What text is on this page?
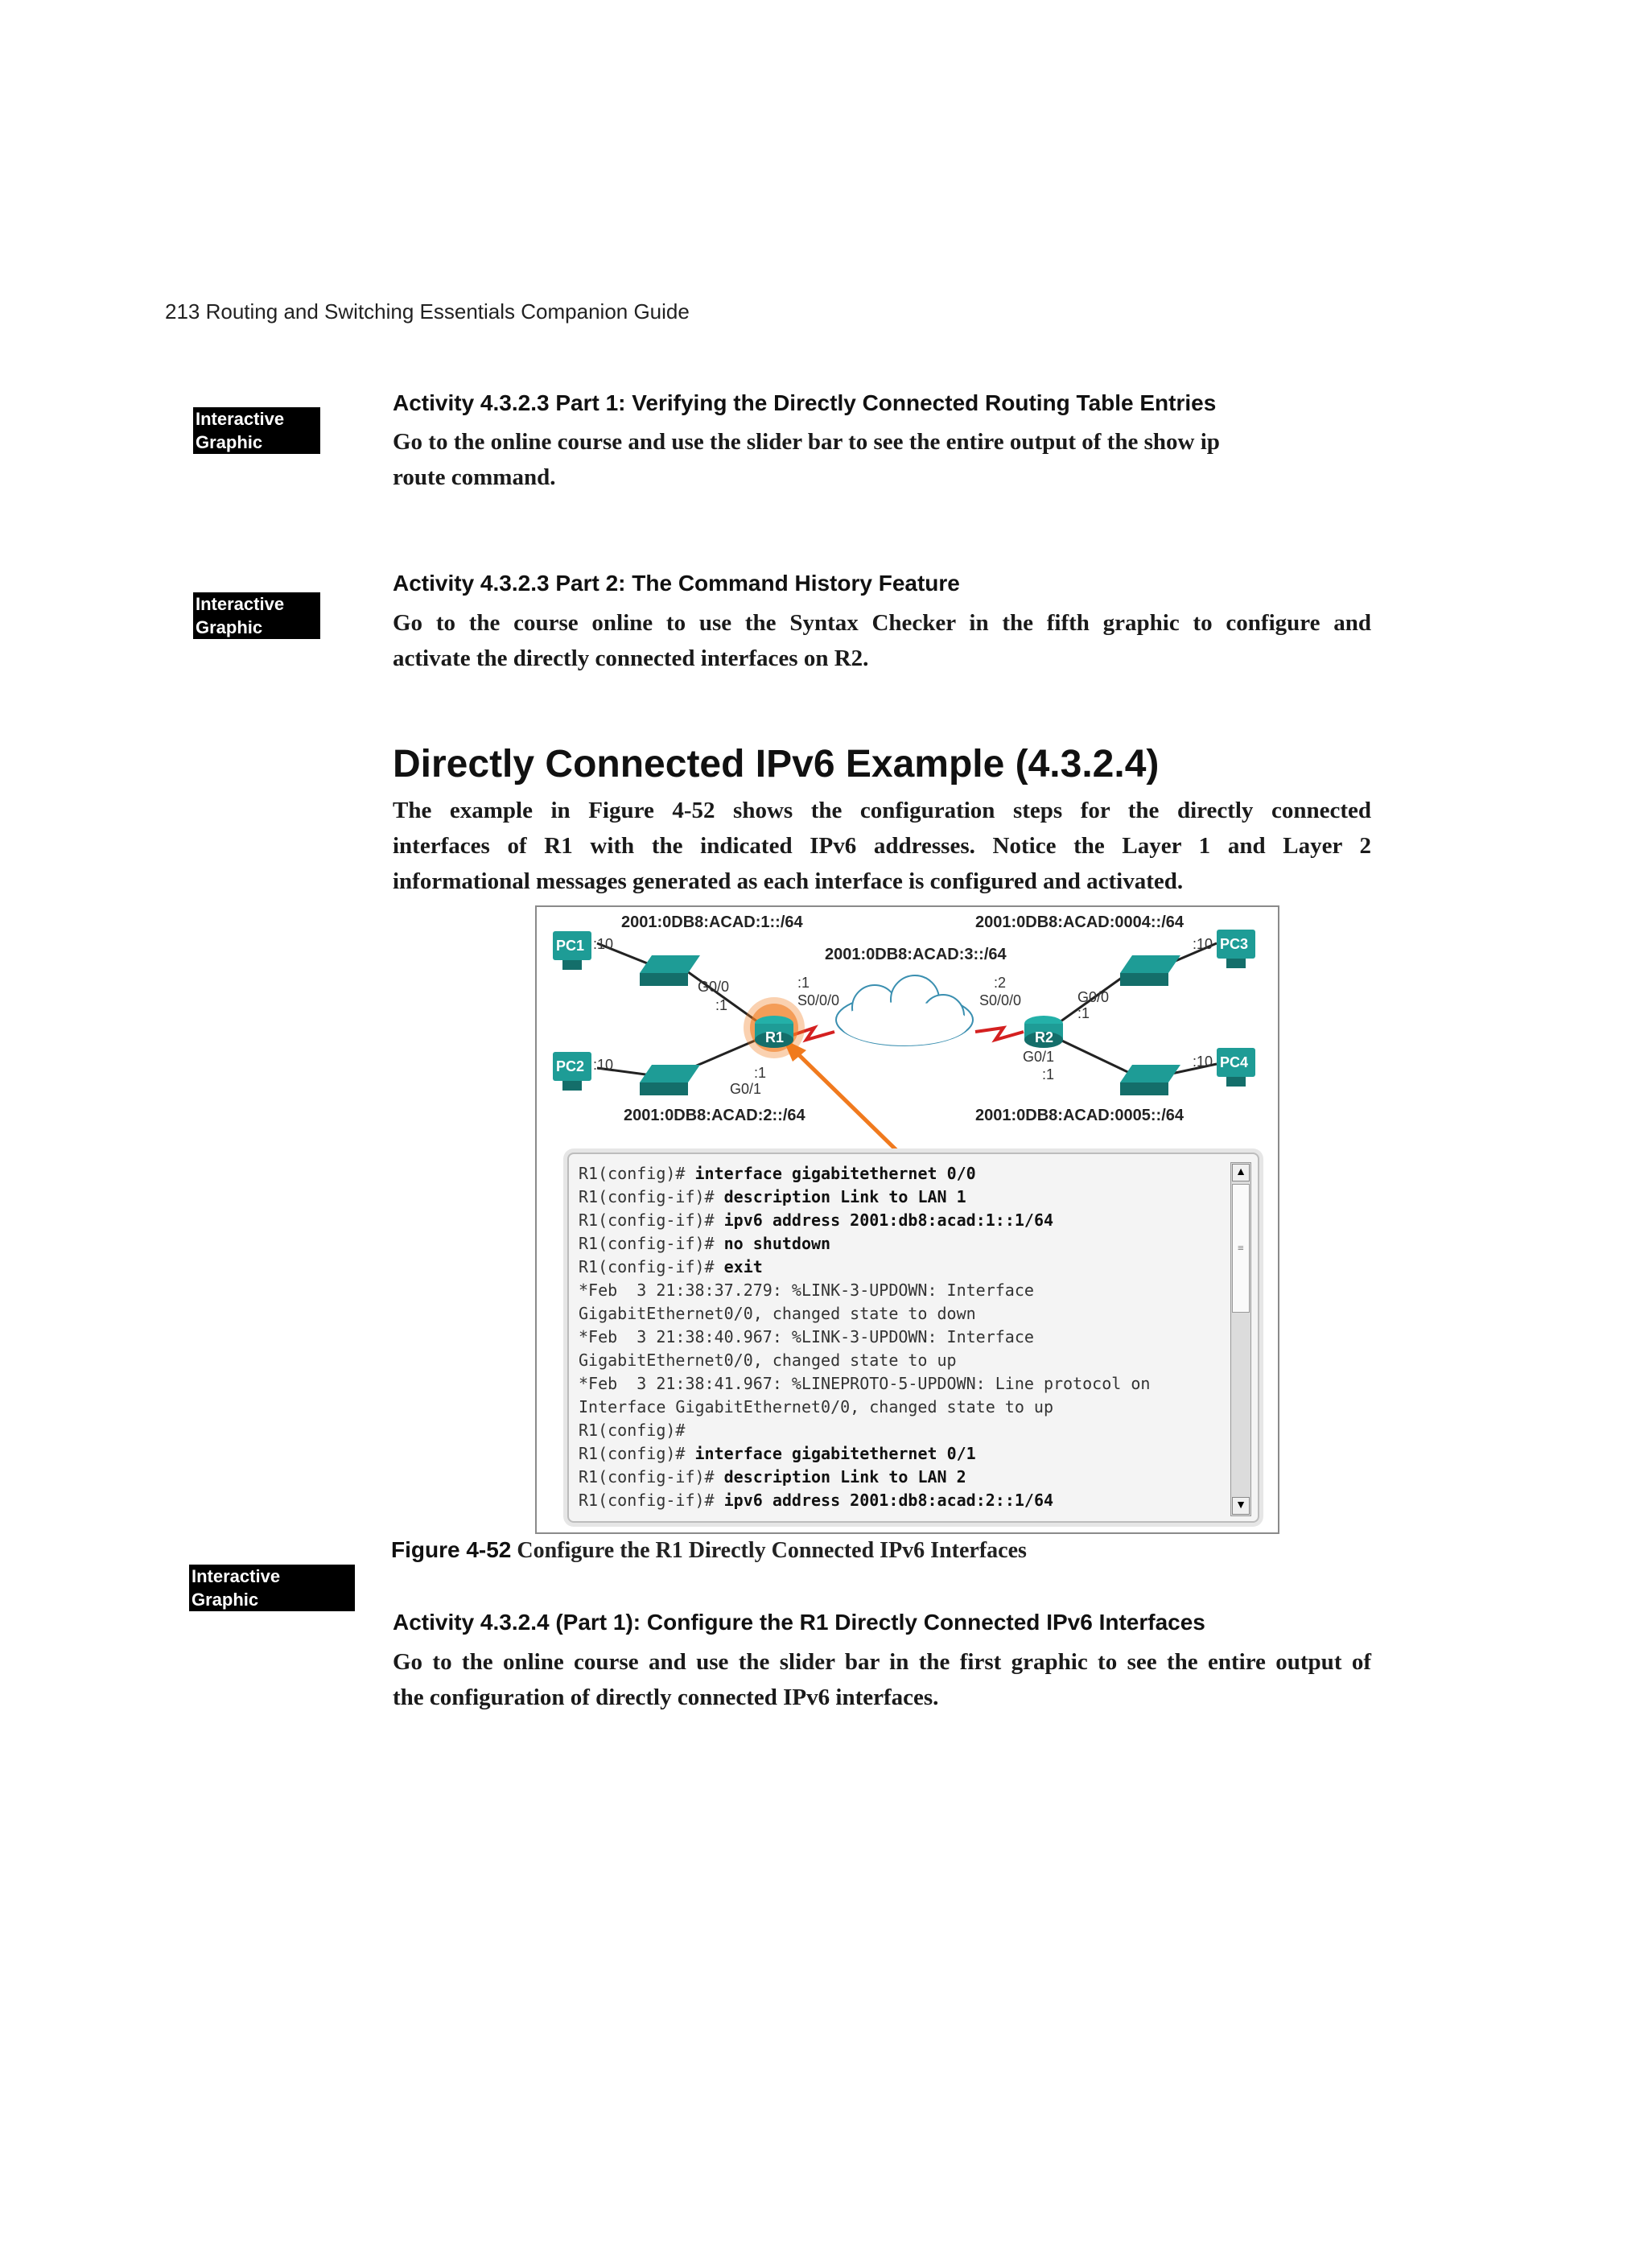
213 Routing and Switching Essentials Companion Guide
Interactive
Graphic
Activity 4.3.2.3 Part 1: Verifying the Directly Connected Routing Table Entries
Go to the online course and use the slider bar to see the entire output of the show ip
route command.
Interactive
Graphic
Activity 4.3.2.3 Part 2: The Command History Feature
Go to the course online to use the Syntax Checker in the fifth graphic to configure and
activate the directly connected interfaces on R2.
Directly Connected IPv6 Example (4.3.2.4)
The example in Figure 4-52 shows the configuration steps for the directly connected
interfaces of R1 with the indicated IPv6 addresses. Notice the Layer 1 and Layer 2
informational messages generated as each interface is configured and activated.
PC1
PC2
PC3
PC4
R1	R2
2001:0DB8:ACAD:1::/64
2001:0DB8:ACAD:2::/64
2001:0DB8:ACAD:3::/64
2001:0DB8:ACAD:0004::/64
2001:0DB8:ACAD:0005::/64
:10
:10
:10
:10
G0/0
:1
:1
G0/1
:1
S0/0/0
:2
S0/0/0	G0/0
:1
G0/1
:1
R1(config)# interface gigabitethernet 0/0
R1(config-if)# description Link to LAN 1
R1(config-if)# ipv6 address 2001:db8:acad:1::1/64
R1(config-if)# no shutdown
R1(config-if)# exit
*Feb  3 21:38:37.279: %LINK-3-UPDOWN: Interface
GigabitEthernet0/0, changed state to down
*Feb  3 21:38:40.967: %LINK-3-UPDOWN: Interface
GigabitEthernet0/0, changed state to up
*Feb  3 21:38:41.967: %LINEPROTO-5-UPDOWN: Line protocol on
Interface GigabitEthernet0/0, changed state to up
R1(config)#
R1(config)# interface gigabitethernet 0/1
R1(config-if)# description Link to LAN 2
R1(config-if)# ipv6 address 2001:db8:acad:2::1/64
▲
≡
▼
Figure 4-52 Configure the R1 Directly Connected IPv6 Interfaces
Interactive
Graphic
Activity 4.3.2.4 (Part 1): Configure the R1 Directly Connected IPv6 Interfaces
Go to the online course and use the slider bar in the first graphic to see the entire output of
the configuration of directly connected IPv6 interfaces.
